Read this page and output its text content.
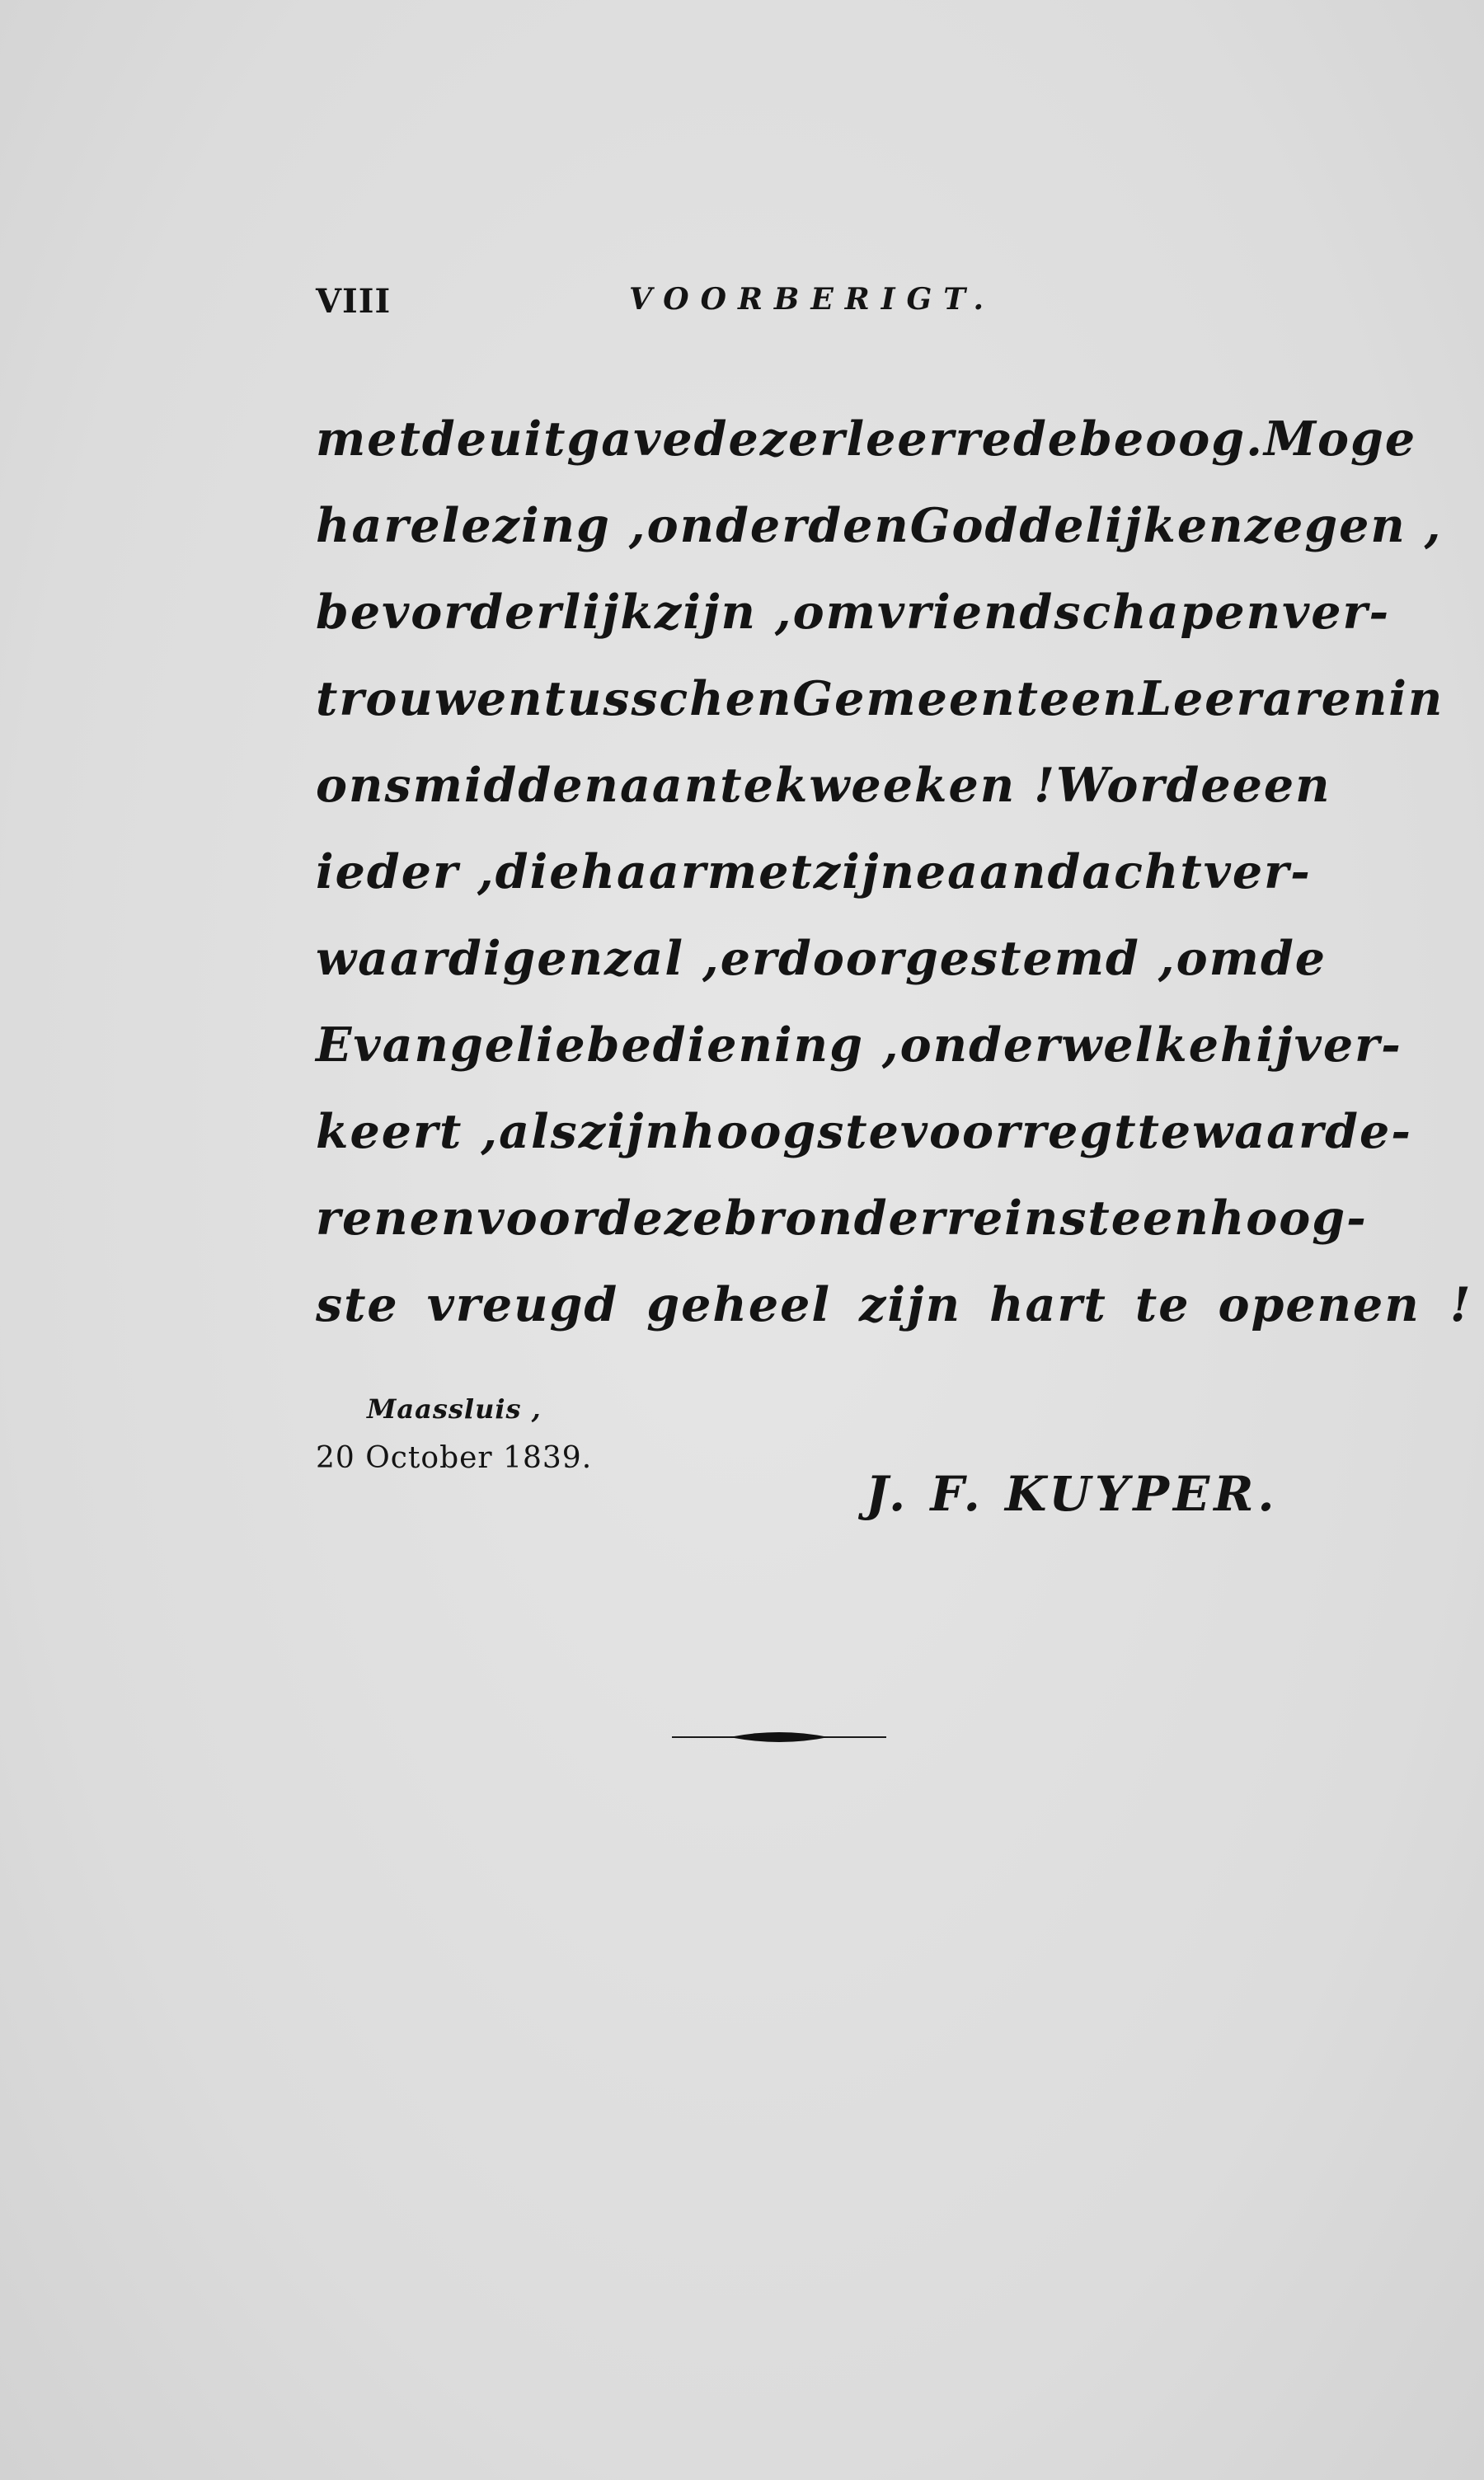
VIII	VOORBERIGT.
met de uitgave dezer leerrede beoog. Moge
hare lezing , onder den Goddelijken zegen ,
bevorderlijk zijn , om vriendschap en ver-
trouwen tusschen Gemeente en Leeraren in
ons midden aan te kweeken ! Worde een
ieder , die haar met zijne aandacht ver-
waardigen zal , er door gestemd , om de
Evangeliebediening , onder welke hij ver-
keert , als zijn hoogste voorregt te waarde-
ren en voor deze bron der reinste en hoog-
ste vreugd geheel zijn hart te openen !
Maassluis ,
20 October 1839.
J. F. KUYPER.
